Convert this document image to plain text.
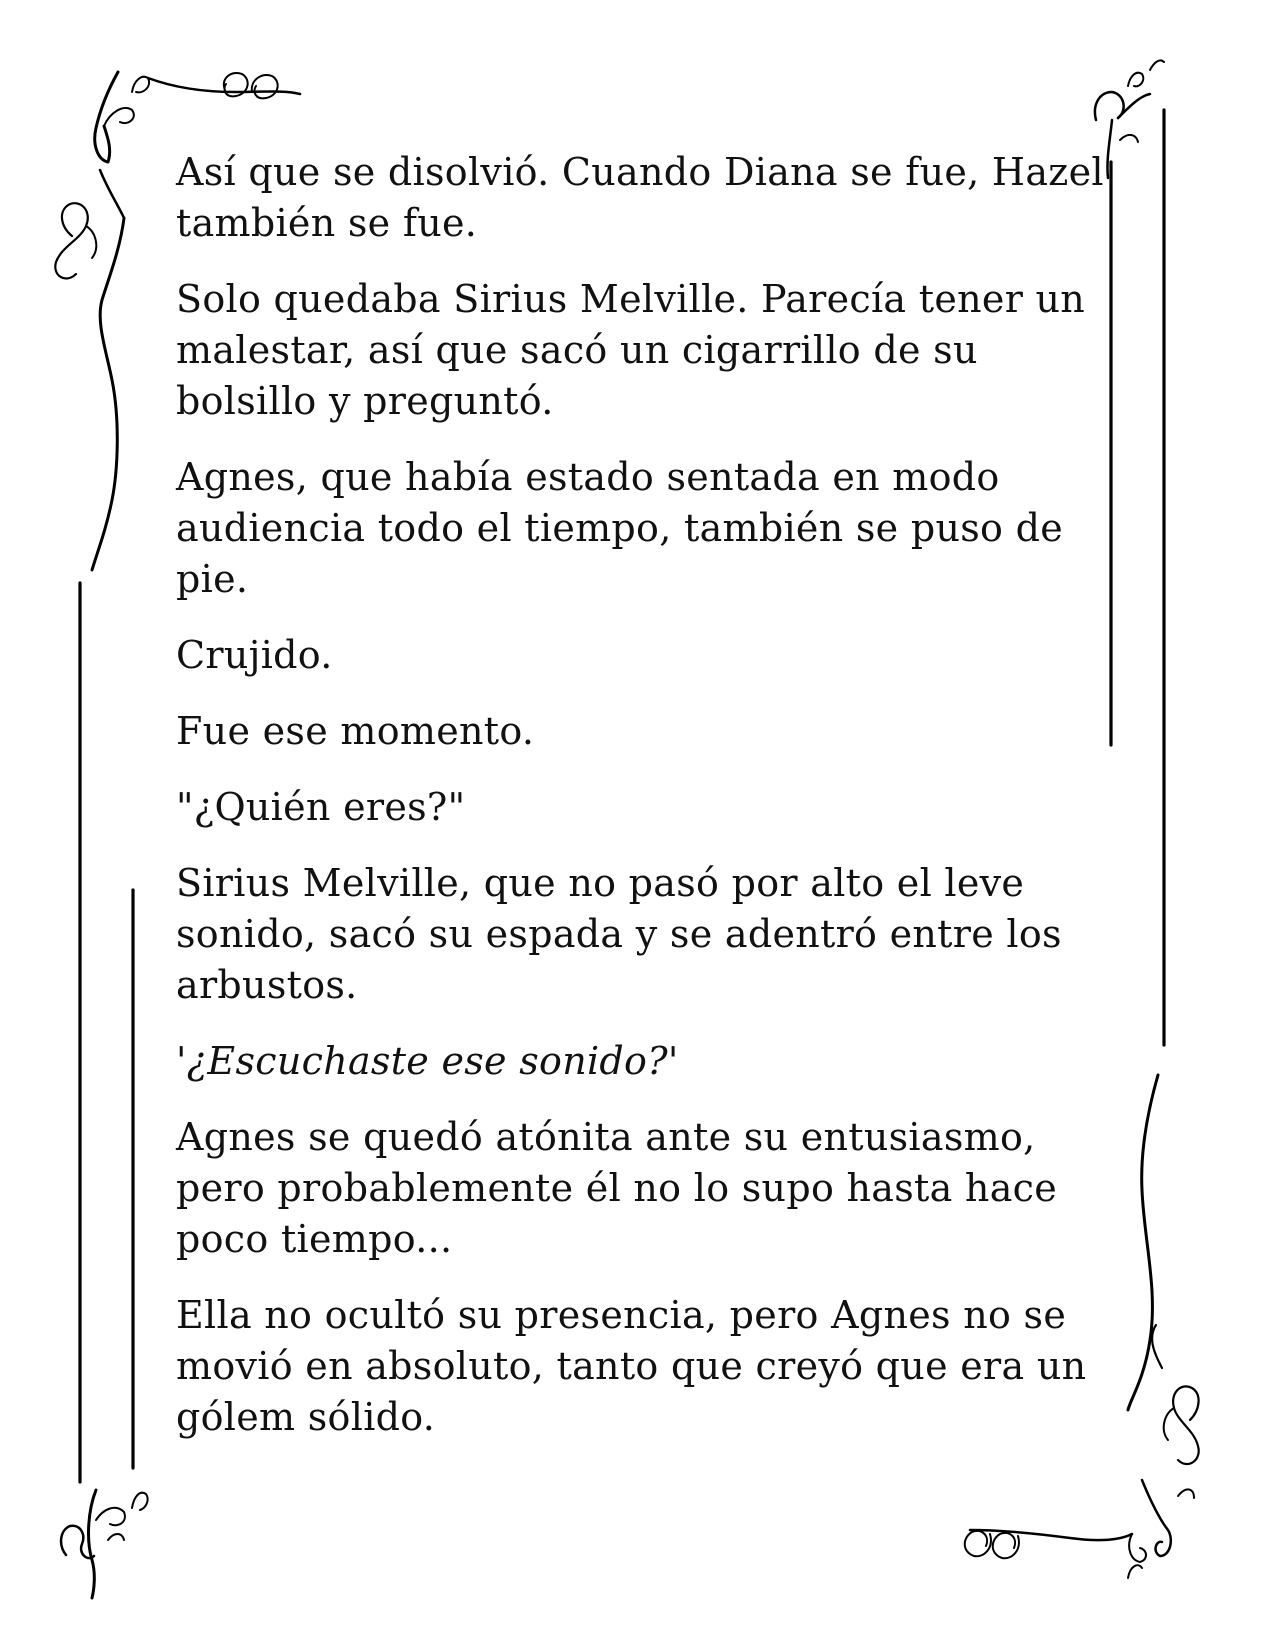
Así que se disolvió. Cuando Diana se fue, Hazel también se fue.

Solo quedaba Sirius Melville. Parecía tener un malestar, así que sacó un cigarrillo de su bolsillo y preguntó.

Agnes, que había estado sentada en modo audiencia todo el tiempo, también se puso de pie.

Crujido.

Fue ese momento.

"¿Quién eres?"

Sirius Melville, que no pasó por alto el leve sonido, sacó su espada y se adentró entre los arbustos.

'¿Escuchaste ese sonido?'

Agnes se quedó atónita ante su entusiasmo, pero probablemente él no lo supo hasta hace poco tiempo...

Ella no ocultó su presencia, pero Agnes no se movió en absoluto, tanto que creyó que era un gólem sólido.
